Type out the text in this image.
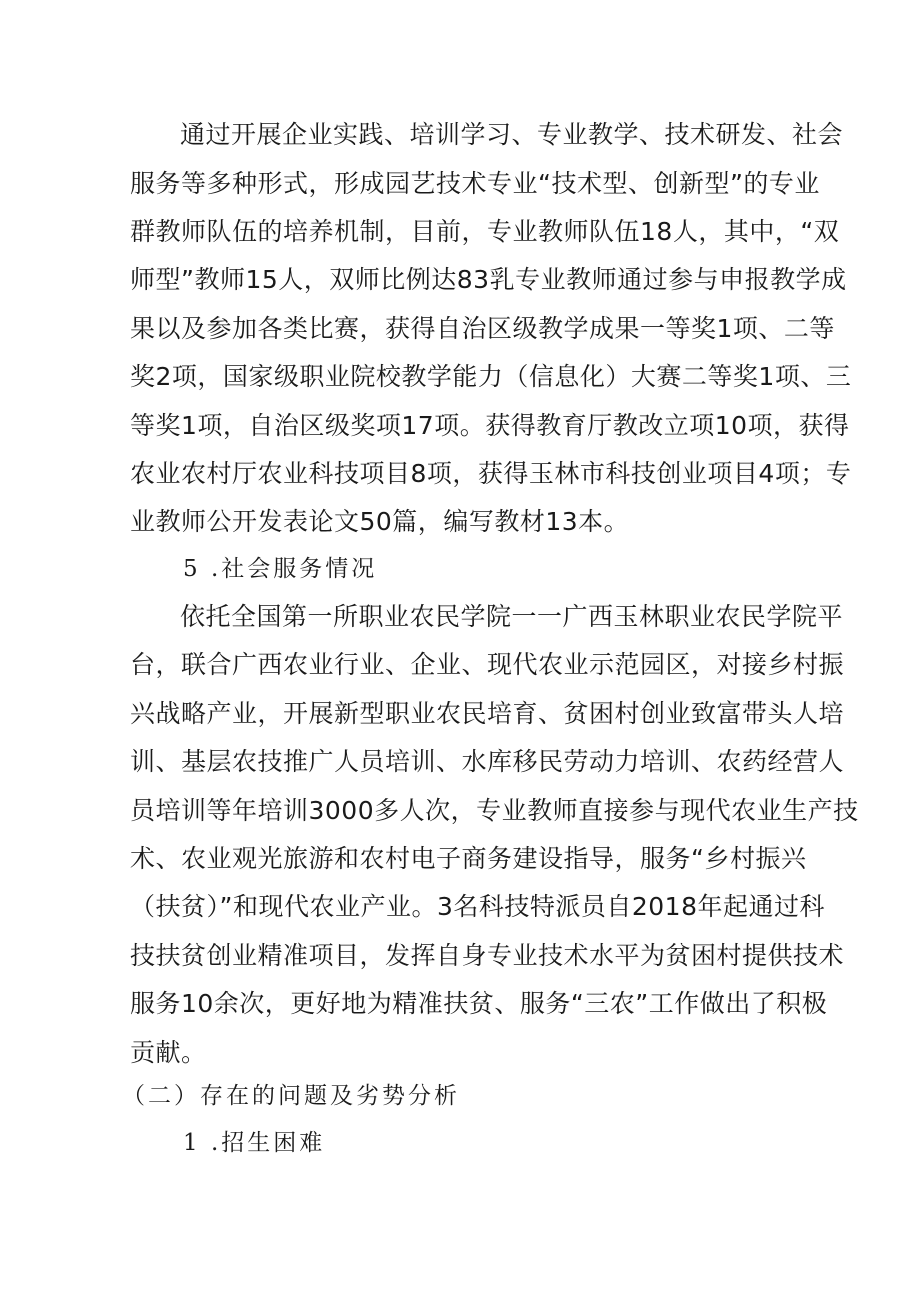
通过开展企业实践、培训学习、专业教学、技术研发、社会
服务等多种形式，形成园艺技术专业“技术型、创新型”的专业
群教师队伍的培养机制，目前，专业教师队伍18人，其中，“双
师型”教师15人，双师比例达83乳专业教师通过参与申报教学成
果以及参加各类比赛，获得自治区级教学成果一等奖1项、二等
奖2项，国家级职业院校教学能力（信息化）大赛二等奖1项、三
等奖1项，自治区级奖项17项。获得教育厅教改立项10项，获得
农业农村厅农业科技项目8项，获得玉林市科技创业项目4项；专
业教师公开发表论文50篇，编写教材13本。
5 .社会服务情况
依托全国第一所职业农民学院一一广西玉林职业农民学院平
台，联合广西农业行业、企业、现代农业示范园区，对接乡村振
兴战略产业，开展新型职业农民培育、贫困村创业致富带头人培
训、基层农技推广人员培训、水库移民劳动力培训、农药经营人
员培训等年培训3000多人次，专业教师直接参与现代农业生产技
术、农业观光旅游和农村电子商务建设指导，服务“乡村振兴
（扶贫）”和现代农业产业。3名科技特派员自2018年起通过科
技扶贫创业精准项目，发挥自身专业技术水平为贫困村提供技术
服务10余次，更好地为精准扶贫、服务“三农”工作做出了积极
贡献。
（二）存在的问题及劣势分析
1 .招生困难
